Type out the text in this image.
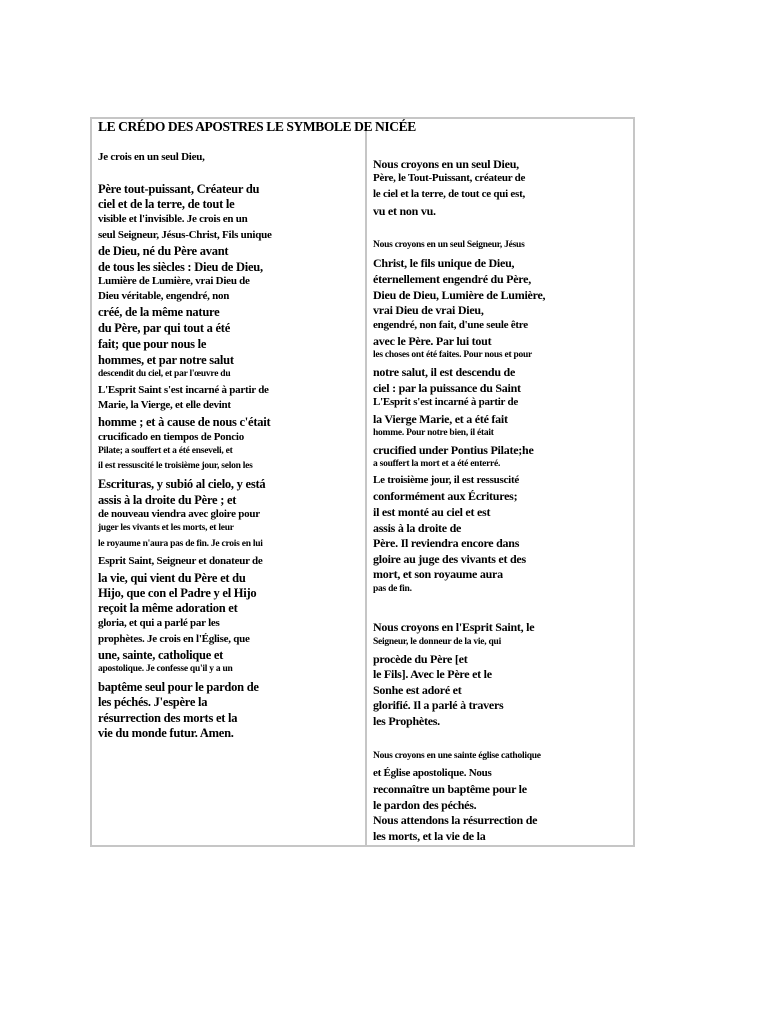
LE CRÉDO DES APOSTRES LE SYMBOLE DE NICÉE
Je crois en un seul Dieu,
Père tout-puissant, Créateur du
ciel et de la terre, de tout le
visible et l'invisible. Je crois en un
seul Seigneur, Jésus-Christ, Fils unique
de Dieu, né du Père avant
de tous les siècles : Dieu de Dieu,
Lumière de Lumière, vrai Dieu de
Dieu véritable, engendré, non
créé, de la même nature
du Père, par qui tout a été
fait; que pour nous le
hommes, et par notre salut
descendit du ciel, et par l'œuvre du
L'Esprit Saint s'est incarné à partir de
Marie, la Vierge, et elle devint
homme ; et à cause de nous c'était
crucificado en tiempos de Poncio
Pilate; a souffert et a été enseveli, et
il est ressuscité le troisième jour, selon les
Escrituras, y subió al cielo, y está
assis à la droite du Père ; et
de nouveau viendra avec gloire pour
juger les vivants et les morts, et leur
le royaume n'aura pas de fin. Je crois en lui
Esprit Saint, Seigneur et donateur de
la vie, qui vient du Père et du
Hijo, que con el Padre y el Hijo
reçoit la même adoration et
gloria, et qui a parlé par les
prophètes. Je crois en l'Église, que
une, sainte, catholique et
apostolique. Je confesse qu'il y a un
baptême seul pour le pardon de
les péchés. J'espère la
résurrection des morts et la
vie du monde futur. Amen.
Nous croyons en un seul Dieu,
Père, le Tout-Puissant, créateur de
le ciel et la terre, de tout ce qui est,
vu et non vu.
Nous croyons en un seul Seigneur, Jésus
Christ, le fils unique de Dieu,
éternellement engendré du Père,
Dieu de Dieu, Lumière de Lumière,
vrai Dieu de vrai Dieu,
engendré, non fait, d'une seule être
avec le Père. Par lui tout
les choses ont été faites. Pour nous et pour
notre salut, il est descendu de
ciel : par la puissance du Saint
L'Esprit s'est incarné à partir de
la Vierge Marie, et a été fait
homme. Pour notre bien, il était
crucified under Pontius Pilate;he
a souffert la mort et a été enterré.
Le troisième jour, il est ressuscité
conformément aux Écritures;
il est monté au ciel et est
assis à la droite de
Père. Il reviendra encore dans
gloire au juge des vivants et des
mort, et son royaume aura
pas de fin.
Nous croyons en l'Esprit Saint, le
Seigneur, le donneur de la vie, qui
procède du Père [et
le Fils]. Avec le Père et le
Sonhe est adoré et
glorifié. Il a parlé à travers
les Prophètes.
Nous croyons en une sainte église catholique
et Église apostolique. Nous
reconnaître un baptême pour le
le pardon des péchés.
Nous attendons la résurrection de
les morts, et la vie de la
